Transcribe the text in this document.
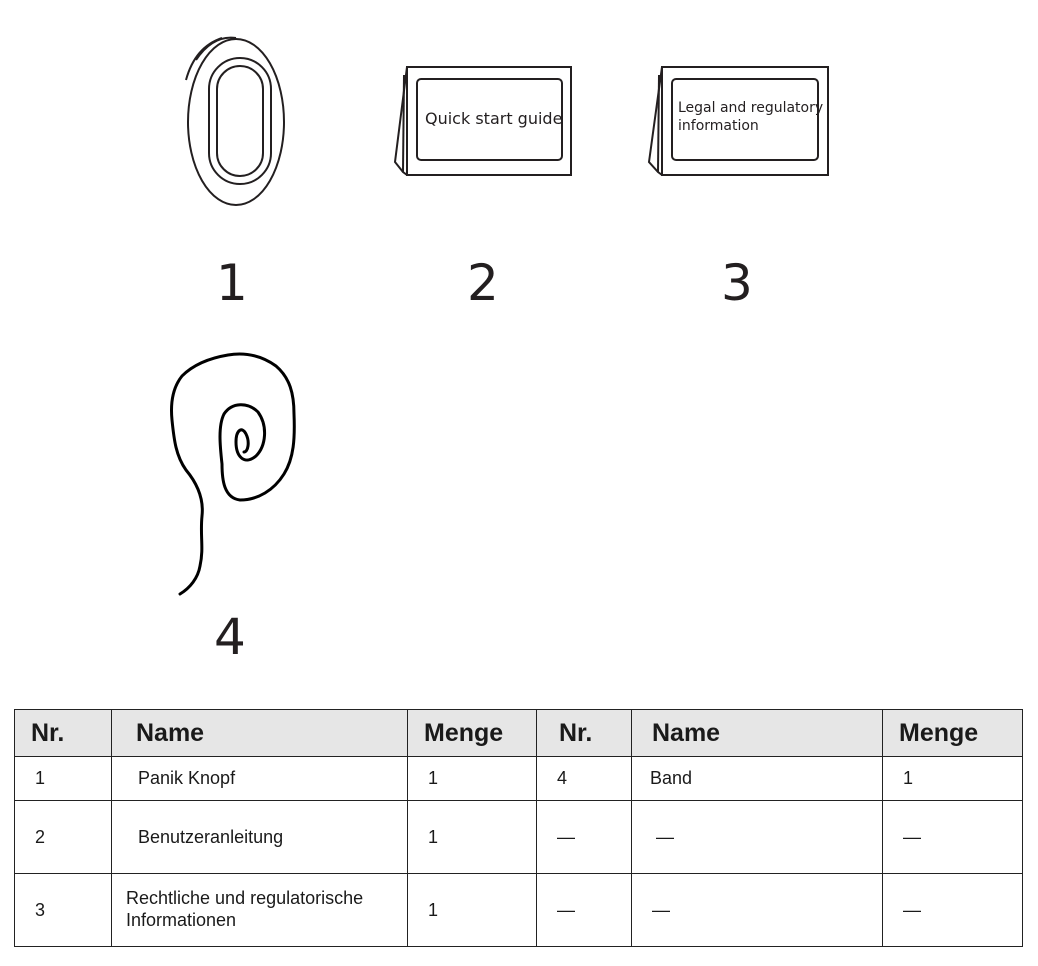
Quick start guide
Legal and regulatory
information
1	2	3
4
Nr.	Name	Menge	Nr.	Name	Menge
1	Panik Knopf	1	4	Band	1
2	Benutzeranleitung	1	—	—	—
3	Rechtliche und regulatorische Informationen	1	—	—	—
